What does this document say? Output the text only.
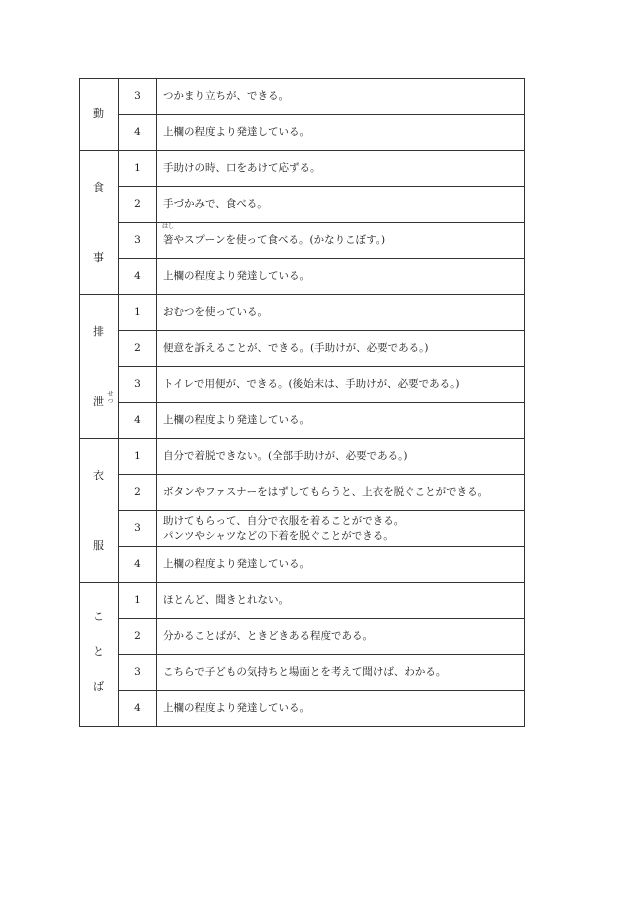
動	3	つかまり立ちが、できる。
	4	上欄の程度より発達している。

食
事	1	手助けの時、口をあけて応ずる。
	2	手づかみで、食べる。
	3	はし
箸やスプーンを使って食べる。(かなりこぼす。)
	4	上欄の程度より発達している。

排
泄
せつ	1	おむつを使っている。
	2	便意を訴えることが、できる。(手助けが、必要である。)
	3	トイレで用便が、できる。(後始末は、手助けが、必要である。)
	4	上欄の程度より発達している。

衣
服	1	自分で着脱できない。(全部手助けが、必要である。)
	2	ボタンやファスナーをはずしてもらうと、上衣を脱ぐことができる。
	3	助けてもらって、自分で衣服を着ることができる。
パンツやシャツなどの下着を脱ぐことができる。

	4	上欄の程度より発達している。

こ
と
ば	1	ほとんど、聞きとれない。
	2	分かることばが、ときどきある程度である。
	3	こちらで子どもの気持ちと場面とを考えて聞けば、わかる。
	4	上欄の程度より発達している。
